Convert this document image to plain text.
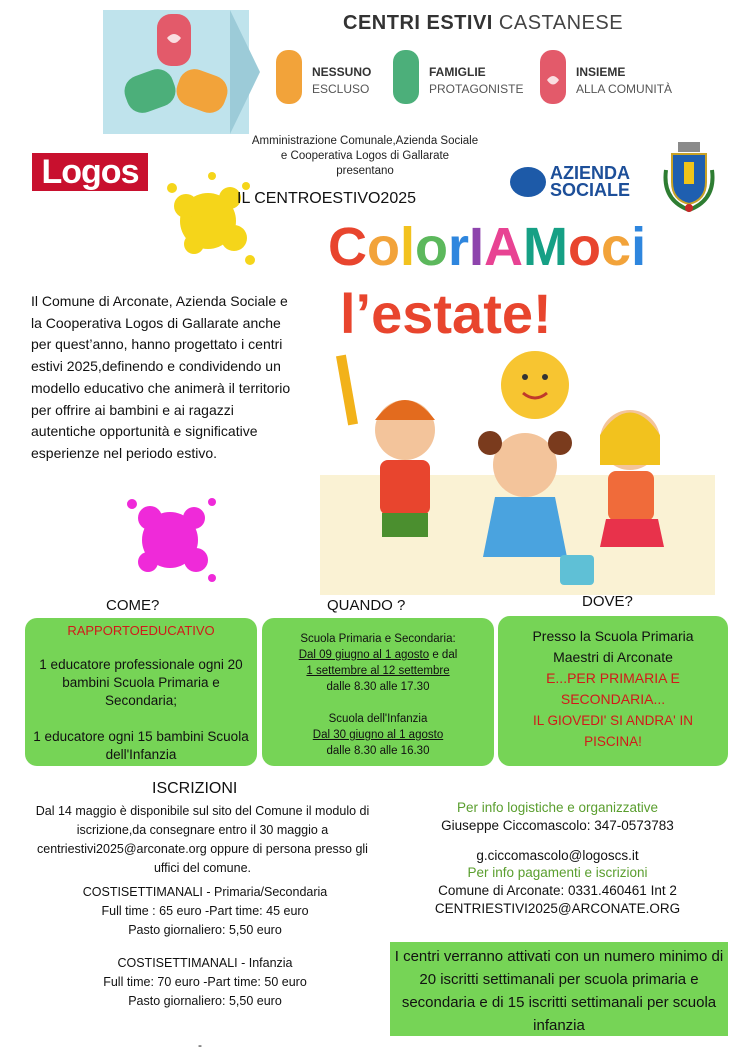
CENTRI ESTIVI CASTANESE
NESSUNO
ESCLUSO
FAMIGLIE
PROTAGONISTE
INSIEME
ALLA COMUNITÀ
Amministrazione Comunale,Azienda Sociale
e Cooperativa Logos di Gallarate
presentano
Logos	AZIENDA
SOCIALE
IL CENTROESTIVO2025
ColorIAMoci
l’estate!
Il Comune di Arconate, Azienda Sociale e la Cooperativa Logos di Gallarate anche per quest’anno, hanno progettato i centri estivi 2025,definendo e condividendo un modello educativo che animerà il territorio per offrire ai bambini e ai ragazzi autentiche opportunità e significative esperienze nel periodo estivo.
COME?	QUANDO ?	DOVE?
RAPPORTOEDUCATIVO
1 educatore professionale ogni 20 bambini Scuola Primaria e Secondaria;
1 educatore ogni 15 bambini Scuola dell'Infanzia
Scuola Primaria e Secondaria:
Dal 09 giugno al 1 agosto e dal
1 settembre al 12 settembre
dalle 8.30 alle 17.30
Scuola dell'Infanzia
Dal 30 giugno al 1 agosto
dalle 8.30 alle 16.30
Presso la Scuola Primaria
Maestri di Arconate
E...PER PRIMARIA E SECONDARIA...
IL GIOVEDI' SI ANDRA' IN PISCINA!
ISCRIZIONI
Dal 14 maggio è disponibile sul sito del Comune il modulo di iscrizione,da consegnare entro il 30 maggio a centriestivi2025@arconate.org oppure di persona presso gli uffici del comune.
COSTISETTIMANALI - Primaria/Secondaria
Full time : 65 euro -Part time: 45 euro
Pasto giornaliero: 5,50 euro
COSTISETTIMANALI - Infanzia
Full time: 70 euro -Part time: 50 euro
Pasto giornaliero: 5,50 euro
Per info logistiche e organizzative
Giuseppe Ciccomascolo: 347-0573783
g.ciccomascolo@logoscs.it
Per info pagamenti e iscrizioni
Comune di Arconate: 0331.460461 Int 2
CENTRIESTIVI2025@ARCONATE.ORG
I centri verranno attivati con un numero minimo di 20 iscritti settimanali per scuola primaria e secondaria e di 15 iscritti settimanali per scuola infanzia
-
